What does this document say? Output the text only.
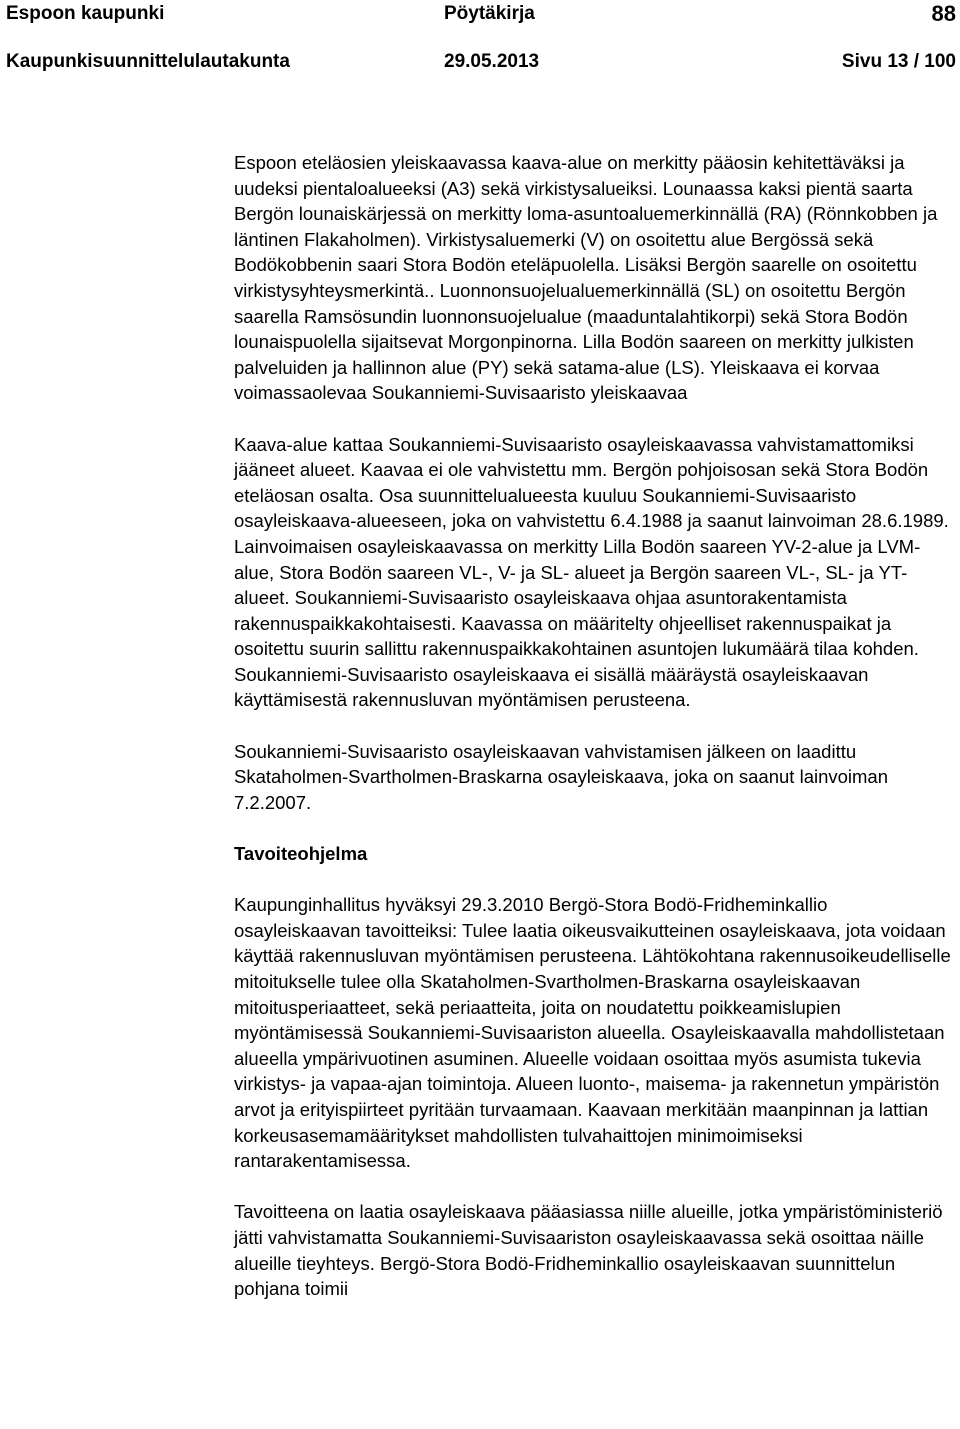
Espoon kaupunki	Pöytäkirja	88
Kaupunkisuunnittelulautakunta	29.05.2013	Sivu 13 / 100

Espoon eteläosien yleiskaavassa kaava-alue on merkitty pääosin kehitettäväksi ja uudeksi pientaloalueeksi (A3) sekä virkistysalueiksi. Lounaassa kaksi pientä saarta Bergön lounaiskärjessä on merkitty loma-asuntoaluemerkinnällä (RA) (Rönnkobben ja läntinen Flakaholmen). Virkistysaluemerki (V) on osoitettu alue Bergössä sekä Bodökobbenin saari Stora Bodön eteläpuolella. Lisäksi Bergön saarelle on osoitettu virkistysyhteysmerkintä.. Luonnonsuojelualuemerkinnällä (SL) on osoitettu Bergön saarella Ramsösundin luonnonsuojelualue (maaduntalahtikorpi) sekä Stora Bodön lounaispuolella sijaitsevat Morgonpinorna. Lilla Bodön saareen on merkitty julkisten palveluiden ja hallinnon alue (PY) sekä satama-alue (LS). Yleiskaava ei korvaa voimassaolevaa Soukanniemi-Suvisaaristo yleiskaavaa

Kaava-alue kattaa Soukanniemi-Suvisaaristo osayleiskaavassa vahvistamattomiksi jääneet alueet. Kaavaa ei ole vahvistettu mm. Bergön pohjoisosan sekä Stora Bodön eteläosan osalta. Osa suunnittelualueesta kuuluu Soukanniemi-Suvisaaristo osayleiskaava-alueeseen, joka on vahvistettu 6.4.1988 ja saanut lainvoiman 28.6.1989. Lainvoimaisen osayleiskaavassa on merkitty Lilla Bodön saareen YV-2-alue ja LVM-alue, Stora Bodön saareen VL-, V- ja SL- alueet ja Bergön saareen VL-, SL- ja YT-alueet. Soukanniemi-Suvisaaristo osayleiskaava ohjaa asuntorakentamista rakennuspaikkakohtaisesti. Kaavassa on määritelty ohjeelliset rakennuspaikat ja osoitettu suurin sallittu rakennuspaikkakohtainen asuntojen lukumäärä tilaa kohden. Soukanniemi-Suvisaaristo osayleiskaava ei sisällä määräystä osayleiskaavan käyttämisestä rakennusluvan myöntämisen perusteena.

Soukanniemi-Suvisaaristo osayleiskaavan vahvistamisen jälkeen on laadittu Skataholmen-Svartholmen-Braskarna osayleiskaava, joka on saanut lainvoiman 7.2.2007.

Tavoiteohjelma

Kaupunginhallitus hyväksyi 29.3.2010 Bergö-Stora Bodö-Fridheminkallio osayleiskaavan tavoitteiksi: Tulee laatia oikeusvaikutteinen osayleiskaava, jota voidaan käyttää rakennusluvan myöntämisen perusteena. Lähtökohtana rakennusoikeudelliselle mitoitukselle tulee olla Skataholmen-Svartholmen-Braskarna osayleiskaavan mitoitusperiaatteet, sekä periaatteita, joita on noudatettu poikkeamislupien myöntämisessä Soukanniemi-Suvisaariston alueella. Osayleiskaavalla mahdollistetaan alueella ympärivuotinen asuminen. Alueelle voidaan osoittaa myös asumista tukevia virkistys- ja vapaa-ajan toimintoja. Alueen luonto-, maisema- ja rakennetun ympäristön arvot ja erityispiirteet pyritään turvaamaan. Kaavaan merkitään maanpinnan ja lattian korkeusasemamääritykset mahdollisten tulvahaittojen minimoimiseksi rantarakentamisessa.

Tavoitteena on laatia osayleiskaava pääasiassa niille alueille, jotka ympäristöministeriö jätti vahvistamatta Soukanniemi-Suvisaariston osayleiskaavassa sekä osoittaa näille alueille tieyhteys. Bergö-Stora Bodö-Fridheminkallio osayleiskaavan suunnittelun pohjana toimii
